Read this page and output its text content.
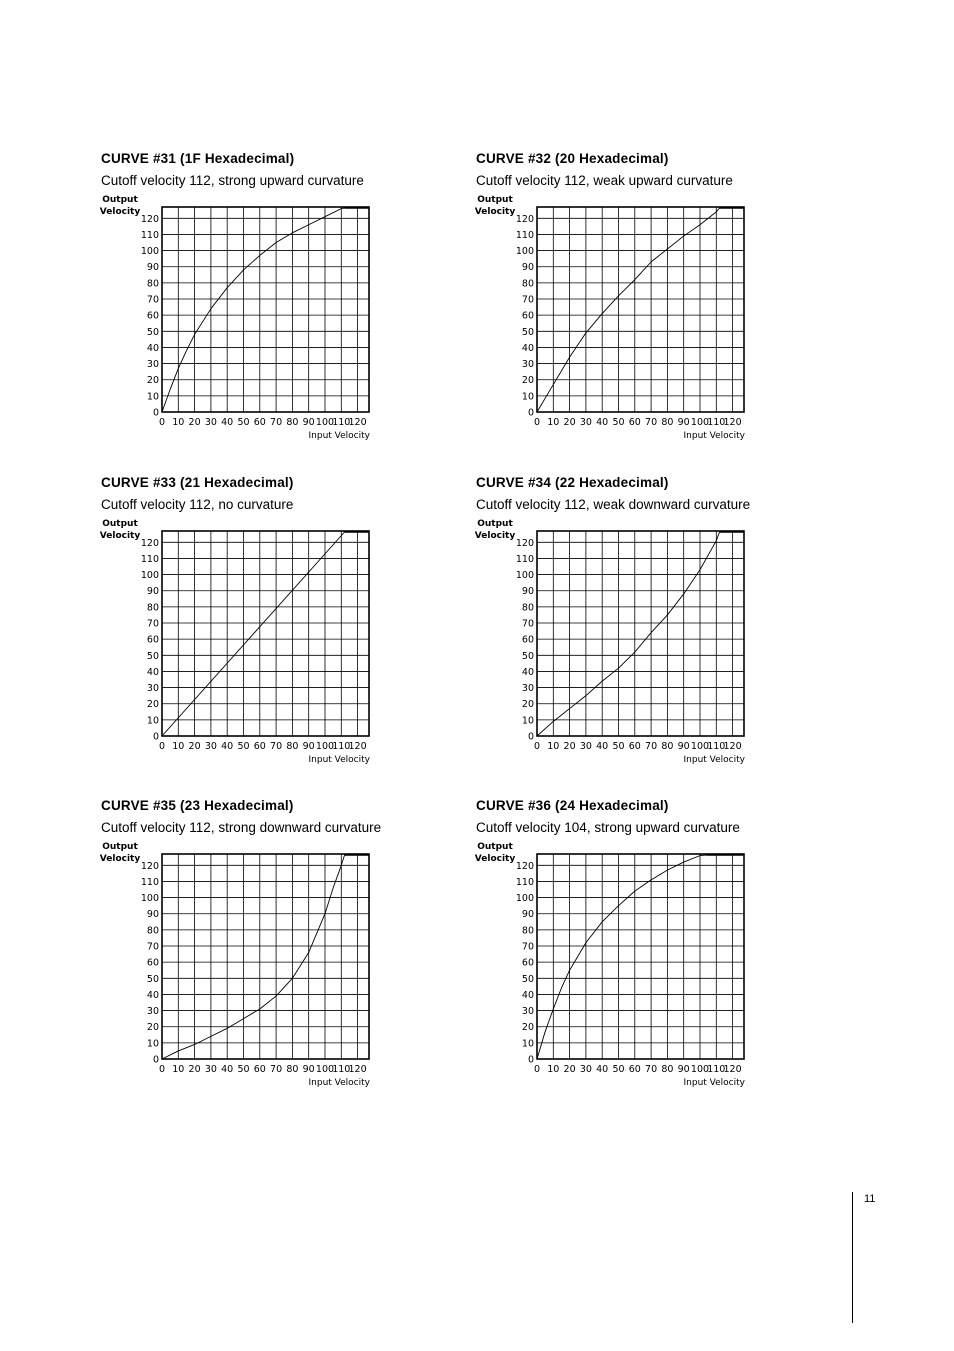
CURVE #31 (1F Hexadecimal)
Cutoff velocity 112, strong upward curvature
0 10 20 30 40 50 60 70 80 90 100
110
120
0
10
20
30
40
50
60
70
80
90
100
110
120
Input Velocity
Output
Velocity
CURVE #32 (20 Hexadecimal)
Cutoff velocity 112, weak upward curvature
0 10 20 30 40 50 60 70 80 90 100
110
120
0
10
20
30
40
50
60
70
80
90
100
110
120
Input Velocity
Output
Velocity
CURVE #33 (21 Hexadecimal)
Cutoff velocity 112, no curvature
0 10 20 30 40 50 60 70 80 90 100
110
120
0
10
20
30
40
50
60
70
80
90
100
110
120
Input Velocity
Output
Velocity
CURVE #34 (22 Hexadecimal)
Cutoff velocity 112, weak downward curvature
0 10 20 30 40 50 60 70 80 90 100
110
120
0
10
20
30
40
50
60
70
80
90
100
110
120
Input Velocity
Output
Velocity
CURVE #35 (23 Hexadecimal)
Cutoff velocity 112, strong downward curvature
0 10 20 30 40 50 60 70 80 90 100
110
120
0
10
20
30
40
50
60
70
80
90
100
110
120
Input Velocity
Output
Velocity
CURVE #36 (24 Hexadecimal)
Cutoff velocity 104, strong upward curvature
0 10 20 30 40 50 60 70 80 90 100
110
120
0
10
20
30
40
50
60
70
80
90
100
110
120
Input Velocity
Output
Velocity
11
